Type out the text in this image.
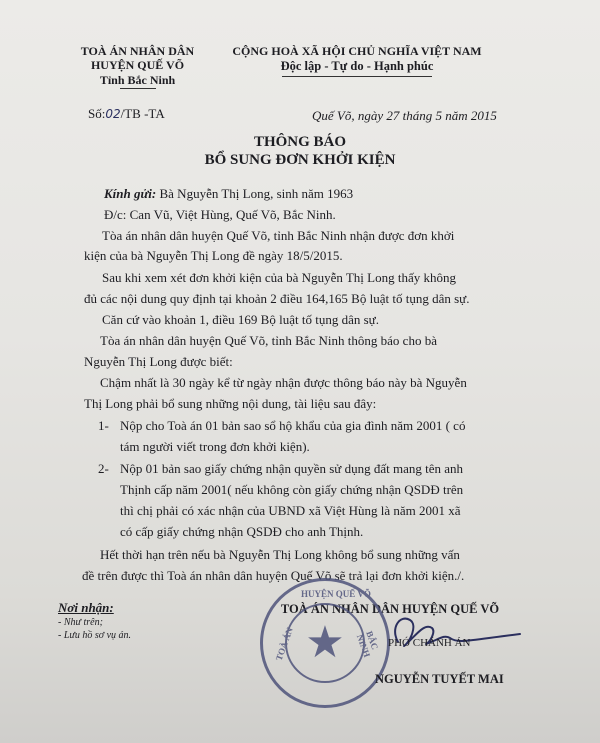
TOÀ ÁN NHÂN DÂN
HUYỆN QUẾ VÕ
Tỉnh Bắc Ninh
CỘNG HOÀ XÃ HỘI CHỦ NGHĨA VIỆT NAM
Độc lập - Tự do - Hạnh phúc
Số:02/TB -TA	Quế Võ, ngày 27 tháng 5 năm 2015
THÔNG BÁO
BỔ SUNG ĐƠN KHỞI KIỆN
Kính gửi: Bà Nguyễn Thị Long, sinh năm 1963
Đ/c: Can Vũ, Việt Hùng, Quế Võ, Bắc Ninh.
Tòa án nhân dân huyện Quế Võ, tỉnh Bắc Ninh nhận được đơn khởi
kiện của bà Nguyễn Thị Long đề ngày 18/5/2015.
Sau khi xem xét đơn khởi kiện của bà Nguyễn Thị Long thấy không
đủ các nội dung quy định tại khoản 2 điều 164,165 Bộ luật tố tụng dân sự.
Căn cứ vào khoản 1, điều 169 Bộ luật tố tụng dân sự.
Tòa án nhân dân huyện Quế Võ, tỉnh Bắc Ninh thông báo cho bà
Nguyễn Thị Long được biết:
Chậm nhất là 30 ngày kể từ ngày nhận được thông báo này bà Nguyễn
Thị Long phải bổ sung những nội dung, tài liệu sau đây:
1- Nộp cho Toà án 01 bản sao sổ hộ khẩu của gia đình năm 2001 ( có
tám người viết trong đơn khởi kiện).
2- Nộp 01 bản sao giấy chứng nhận quyền sử dụng đất mang tên anh
Thịnh cấp năm 2001( nếu không còn giấy chứng nhận QSDĐ trên
thì chị phải có xác nhận của UBND xã Việt Hùng là năm 2001 xã
có cấp giấy chứng nhận QSDĐ cho anh Thịnh.
Hết thời hạn trên nếu bà Nguyễn Thị Long không bổ sung những vấn
đề trên được thì Toà án nhân dân huyện Quế Võ sẽ trả lại đơn khởi kiện./.
Nơi nhận:
- Như trên;
- Lưu hồ sơ vụ án.
TOÀ ÁN NHÂN DÂN HUYỆN QUẾ VÕ
HUYỆN QUẾ VÕ
TOÀ ÁN	BẮC NINH
★	PHÓ CHÁNH ÁN
NGUYỄN TUYẾT MAI
